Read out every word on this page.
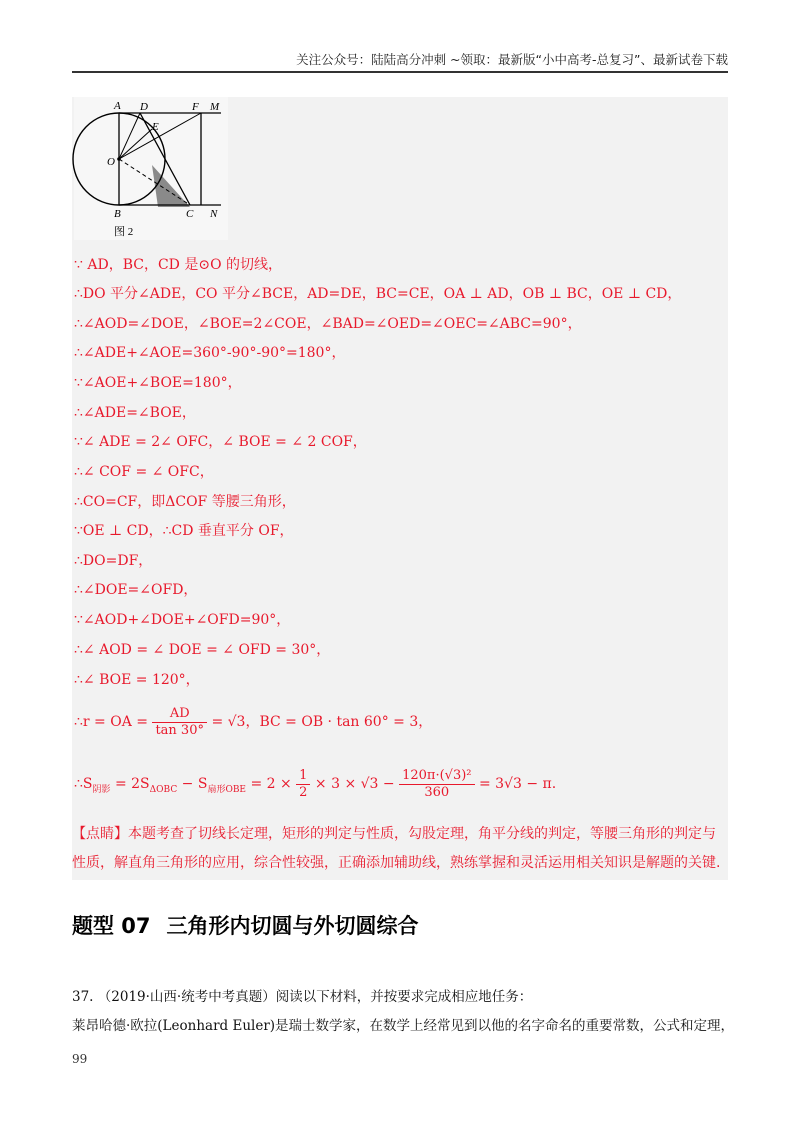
关注公众号：陆陆高分冲刺 ~领取：最新版“小中高考-总复习”、最新试卷下载
A D	F M
E
O
B	C N
图 2
∵ AD，BC，CD 是⊙O 的切线，
∴DO 平分∠ADE，CO 平分∠BCE，AD=DE，BC=CE，OA ⊥ AD，OB ⊥ BC，OE ⊥ CD，
∴∠AOD=∠DOE，∠BOE=2∠COE，∠BAD=∠OED=∠OEC=∠ABC=90°，
∴∠ADE+∠AOE=360°-90°-90°=180°，
∵∠AOE+∠BOE=180°，
∴∠ADE=∠BOE，
∵∠ ADE = 2∠ OFC，∠ BOE = ∠ 2 COF，
∴∠ COF = ∠ OFC，
∴CO=CF，即ΔCOF 等腰三角形，
∵OE ⊥ CD，∴CD 垂直平分 OF，
∴DO=DF，
∴∠DOE=∠OFD，
∵∠AOD+∠DOE+∠OFD=90°，
∴∠ AOD = ∠ DOE = ∠ OFD = 30°，
∴∠ BOE = 120°，
∴r = OA = $\frac{AD}{\tan 30^\circ} = √3$，BC = OB · tan 60° = 3，
$\therefore S_{阴影} = 2S_{\Delta OBC} - S_{扇形OBE} = 2 \times \frac{1}{2} \times 3 \times √3 - \frac{\text{120π·(√3)²}}{360} = 3√3 - \pi$.
【点睛】本题考查了切线长定理，矩形的判定与性质，勾股定理，角平分线的判定，等腰三角形的判定与性质，解直角三角形的应用，综合性较强，正确添加辅助线，熟练掌握和灵活运用相关知识是解题的关键.
题型 07 三角形内切圆与外切圆综合
37. （2019·山西·统考中考真题）阅读以下材料，并按要求完成相应地任务：
莱昂哈德·欧拉(Leonhard Euler)是瑞士数学家，在数学上经常见到以他的名字命名的重要常数，公式和定理，
99
